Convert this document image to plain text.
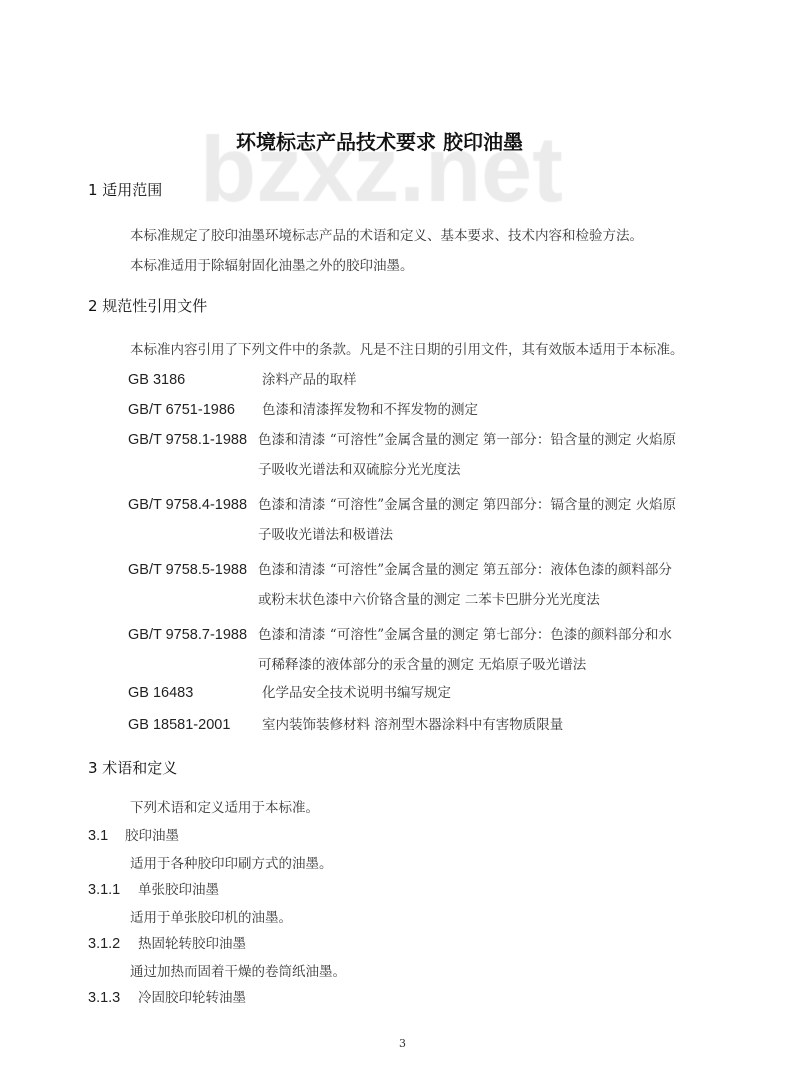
环境标志产品技术要求 胶印油墨
1 适用范围
本标准规定了胶印油墨环境标志产品的术语和定义、基本要求、技术内容和检验方法。
本标准适用于除辐射固化油墨之外的胶印油墨。
2 规范性引用文件
本标准内容引用了下列文件中的条款。凡是不注日期的引用文件，其有效版本适用于本标准。
3 术语和定义
下列术语和定义适用于本标准。
3
GB 3186	涂料产品的取样
GB/T 6751-1986 色漆和清漆挥发物和不挥发物的测定
GB/T 9758.1-1988 色漆和清漆 “可溶性”金属含量的测定 第一部分：铅含量的测定 火焰原
子吸收光谱法和双硫腙分光光度法
GB/T 9758.4-1988 色漆和清漆 “可溶性”金属含量的测定 第四部分：镉含量的测定 火焰原
子吸收光谱法和极谱法
GB/T 9758.5-1988 色漆和清漆 “可溶性”金属含量的测定 第五部分：液体色漆的颜料部分
或粉末状色漆中六价铬含量的测定 二苯卡巴肼分光光度法
GB/T 9758.7-1988 色漆和清漆 “可溶性”金属含量的测定 第七部分：色漆的颜料部分和水
可稀释漆的液体部分的汞含量的测定 无焰原子吸光谱法
GB 16483	化学品安全技术说明书编写规定
GB 18581-2001 室内装饰装修材料 溶剂型木器涂料中有害物质限量
3.1 胶印油墨
适用于各种胶印印刷方式的油墨。
3.1.1 单张胶印油墨
适用于单张胶印机的油墨。
3.1.2 热固轮转胶印油墨
通过加热而固着干燥的卷筒纸油墨。
3.1.3 冷固胶印轮转油墨
